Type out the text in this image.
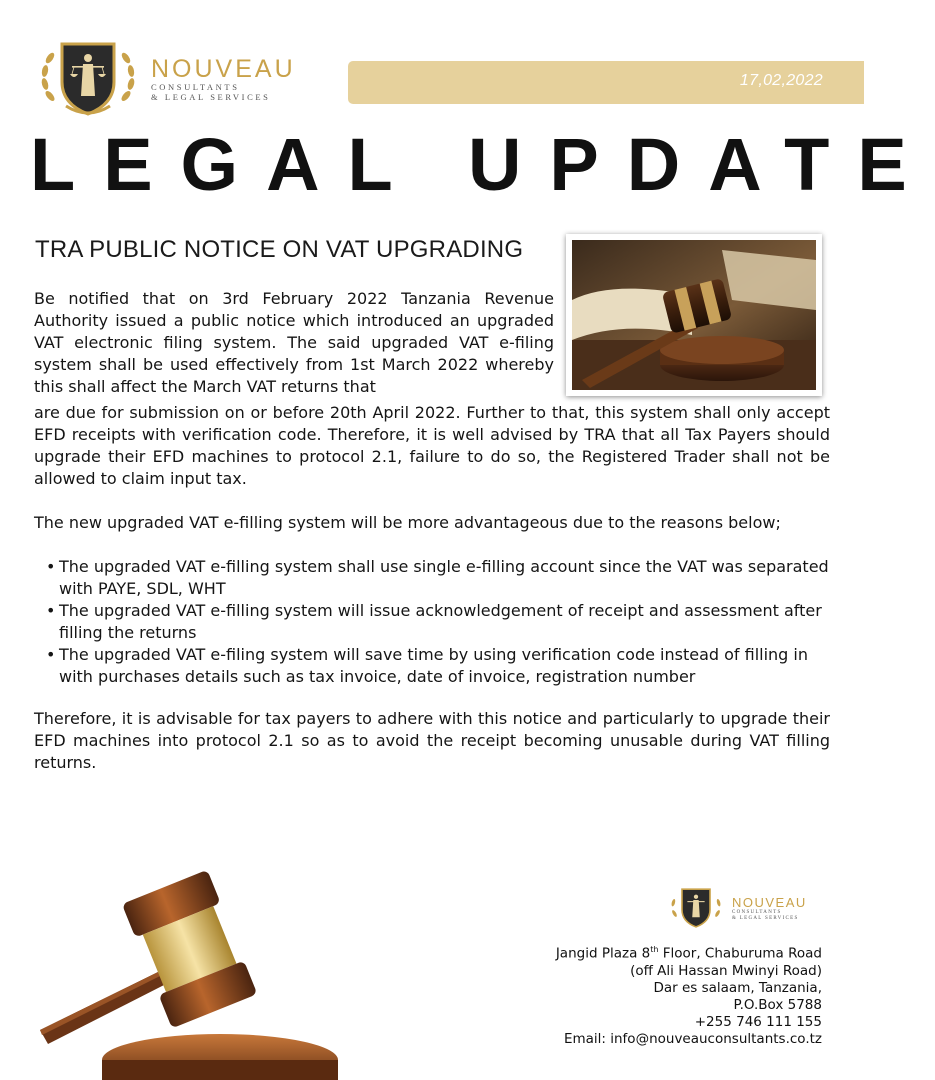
NOUVEAU
CONSULTANTS
& LEGAL SERVICES
17,02,2022
LEGAL UPDATE
TRA PUBLIC NOTICE ON VAT UPGRADING
Be notified that on 3rd February 2022 Tanzania Revenue Authority issued a public notice which introduced an upgraded VAT electronic filing system. The said upgraded VAT e-filing system shall be used effectively from 1st March 2022 whereby this shall affect the March VAT returns that
are due for submission on or before 20th April 2022. Further to that, this system shall only accept EFD receipts with verification code. Therefore, it is well advised by TRA that all Tax Payers should upgrade their EFD machines to protocol 2.1, failure to do so, the Registered Trader shall not be allowed to claim input tax.
The new upgraded VAT e-filling system will be more advantageous due to the reasons below;
• The upgraded VAT e-filling system shall use single e-filling account since the VAT was separated with PAYE, SDL, WHT
• The upgraded VAT e-filling system will issue acknowledgement of receipt and assessment after filling the returns
• The upgraded VAT e-filing system will save time by using verification code instead of filling in with purchases details such as tax invoice, date of invoice, registration number
Therefore, it is advisable for tax payers to adhere with this notice and particularly to upgrade their EFD machines into protocol 2.1 so as to avoid the receipt becoming unusable during VAT filling returns.
NOUVEAU
CONSULTANTS
& LEGAL SERVICES
Jangid Plaza 8th Floor, Chaburuma Road
(off Ali Hassan Mwinyi Road)
Dar es salaam, Tanzania,
P.O.Box 5788
+255 746 111 155
Email: info@nouveauconsultants.co.tz
